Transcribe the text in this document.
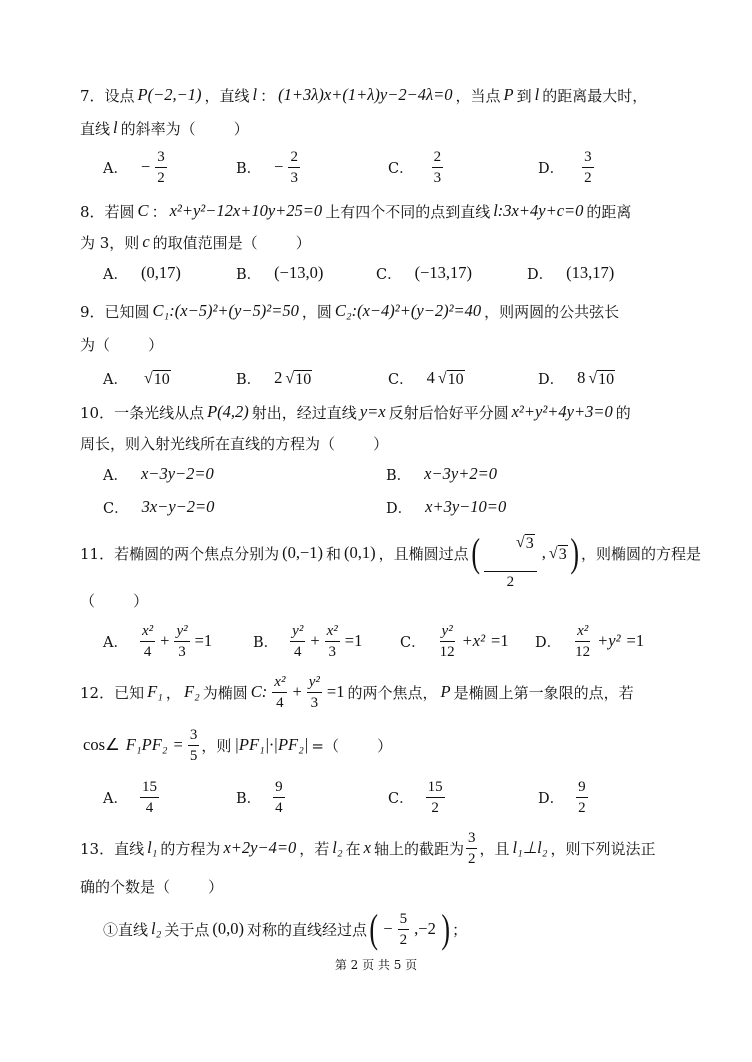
7．设点 P(−2,−1) ，直线 l ： (1+3λ)x+(1+λ)y−2−4λ=0 ，当点 P 到 l 的距离最大时，
直线 l 的斜率为（        ）
A． − $\frac{3}{2}$	B． − $\frac{2}{3}$	C． $\frac{2}{3}$	D． $\frac{3}{2}$
8．若圆 C ： x²+y²−12x+10y+25=0 上有四个不同的点到直线 l:3x+4y+c=0 的距离
为 3，则 c 的取值范围是（        ）
A． (0,17)	B． (−13,0)	C． (−13,17)	D． (13,17)
9．已知圆 C₁:(x−5)²+(y−5)²=50 ，圆 C₂:(x−4)²+(y−2)²=40 ，则两圆的公共弦长
为（        ）
A． √ 10	B． 2 √ 10	C． 4 √ 10	D． 8 √ 10
10．一条光线从点 P(4,2) 射出，经过直线 y=x 反射后恰好平分圆 x²+y²+4y+3=0 的
周长，则入射光线所在直线的方程为（        ）
A． x−3y−2=0	B． x−3y+2=0
C． 3x−y−2=0	D． x+3y−10=0
11．若椭圆的两个焦点分别为 (0,−1) 和 (0,1) ，且椭圆过点 (

$\frac{√ 3}{2}$ , √ 3 ) ，则椭圆的方程是
（        ）
A． $\frac{\text{x²}}{4} + \frac{\text{y²}}{3} =1$	B． $\frac{\text{y²}}{4} + \frac{\text{x²}}{3} =1$	C． $\frac{\text{y²}}{12} +x^2 =1$ D． $\frac{\text{x²}}{12} +y^2 =1$
12．已知 F₁ ， F₂ 为椭圆 C: $\frac{\text{x²}}{4} + \frac{\text{y²}}{3} =1$ 的两个焦点， P 是椭圆上第一象限的点，若
cos∠ $F_1PF_2 = \frac{3}{5}$ ，则 |PF₁|·|PF₂| =（        ）
A． $\frac{15}{4}$	B． $\frac{9}{4}$	C． $\frac{15}{2}$	D． $\frac{9}{2}$
13．直线 l₁ 的方程为 x+2y−4=0 ，若 l₂ 在 x 轴上的截距为 $\frac{3}{2}$ ，且 l₁⊥l₂ ，则下列说法正
确的个数是（        ）
①直线 l₂ 关于点 (0,0) 对称的直线经过点 ( − $\frac{5}{2} ,-2$ ) ；
第 2 页 共 5 页
